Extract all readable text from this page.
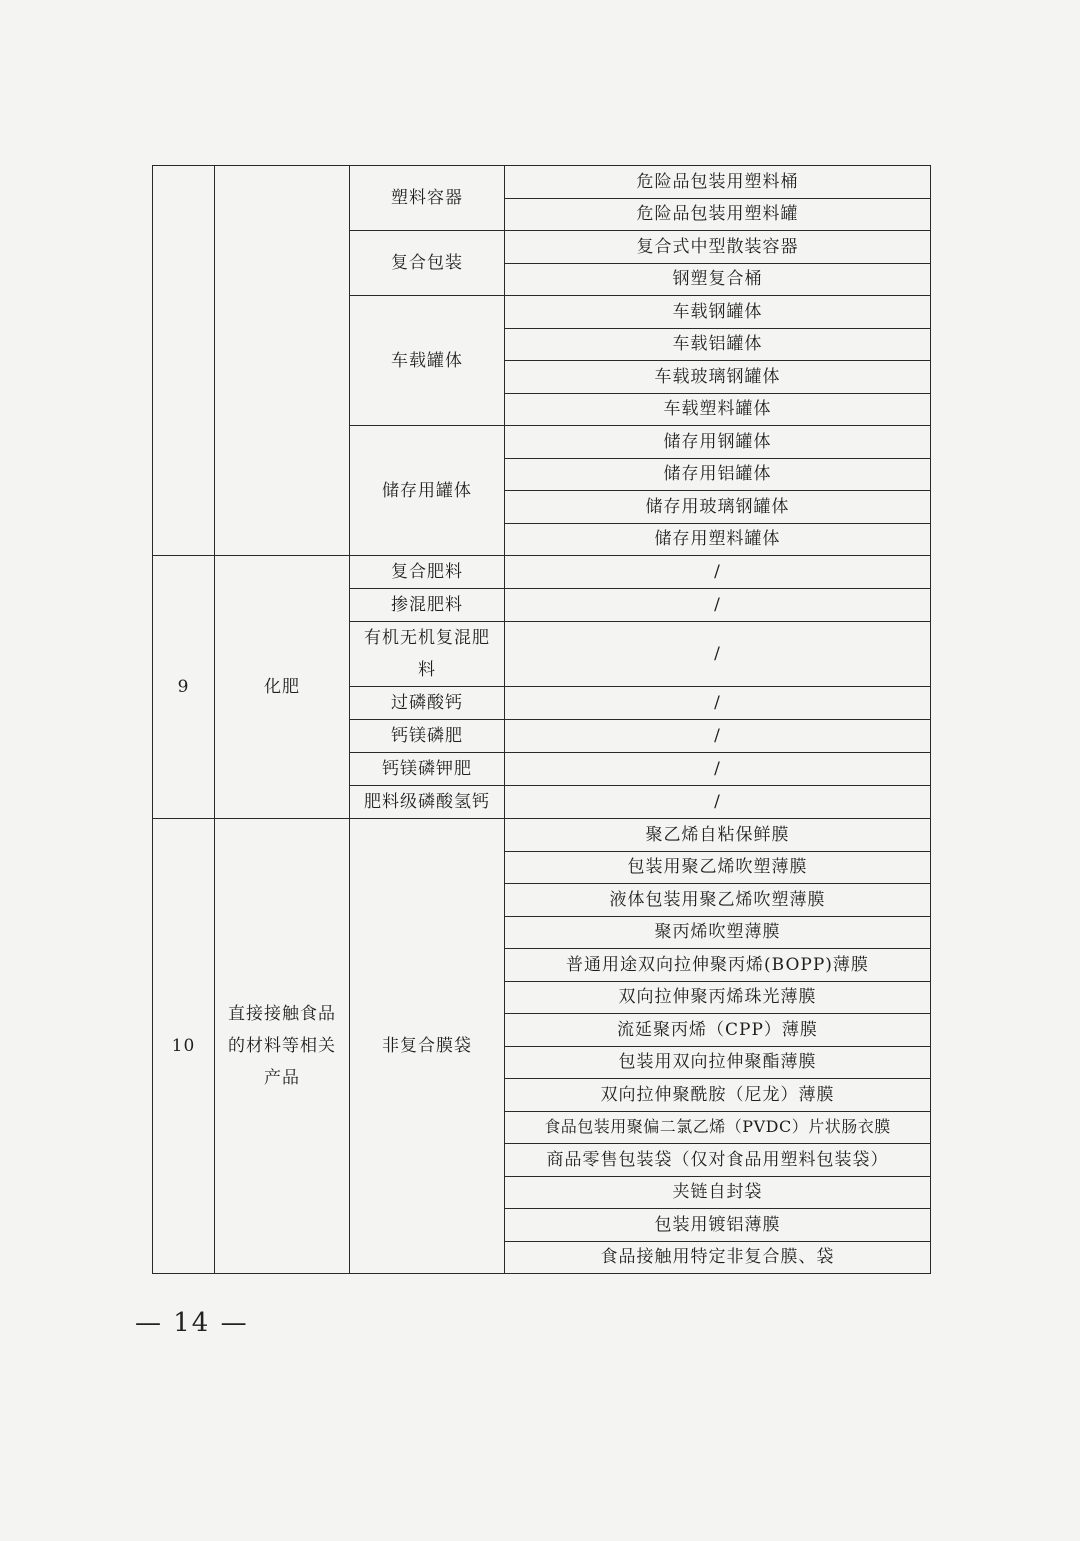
		塑料容器	危险品包装用塑料桶
			危险品包装用塑料罐
		复合包装	复合式中型散装容器
			钢塑复合桶
		车载罐体	车载钢罐体
			车载铝罐体
			车载玻璃钢罐体
			车载塑料罐体
		储存用罐体	储存用钢罐体
			储存用铝罐体
			储存用玻璃钢罐体
			储存用塑料罐体
9	化肥	复合肥料	/
		掺混肥料	/
		有机无机复混肥料	/
		过磷酸钙	/
		钙镁磷肥	/
		钙镁磷钾肥	/
		肥料级磷酸氢钙	/
10	直接接触食品的材料等相关产品	非复合膜袋	聚乙烯自粘保鲜膜
			包装用聚乙烯吹塑薄膜
			液体包装用聚乙烯吹塑薄膜
			聚丙烯吹塑薄膜
			普通用途双向拉伸聚丙烯(BOPP)薄膜
			双向拉伸聚丙烯珠光薄膜
			流延聚丙烯（CPP）薄膜
			包装用双向拉伸聚酯薄膜
			双向拉伸聚酰胺（尼龙）薄膜
			食品包装用聚偏二氯乙烯（PVDC）片状肠衣膜
			商品零售包装袋（仅对食品用塑料包装袋）
			夹链自封袋
			包装用镀铝薄膜
			食品接触用特定非复合膜、袋
— 14 —
